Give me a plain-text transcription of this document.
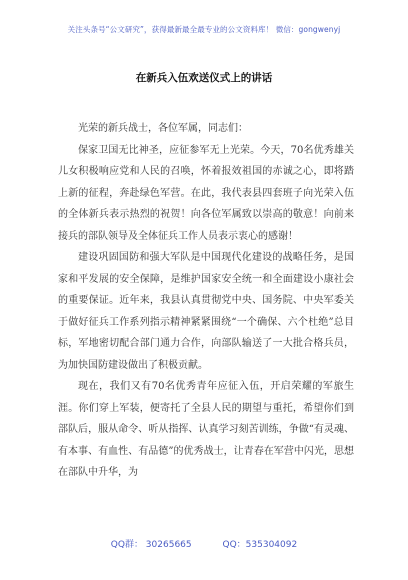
关注头条号“公文研究”，获得最新最全最专业的公文资料库！ 微信：gongwenyj
在新兵入伍欢送仪式上的讲话

光荣的新兵战士，各位军属，同志们：

保家卫国无比神圣，应征参军无上光荣。今天，70名优秀雄关儿女积极响应党和人民的召唤，怀着报效祖国的赤诚之心，即将踏上新的征程，奔赴绿色军营。在此，我代表县四套班子向光荣入伍的全体新兵表示热烈的祝贺！向各位军属致以崇高的敬意！向前来接兵的部队领导及全体征兵工作人员表示衷心的感谢！

建设巩固国防和强大军队是中国现代化建设的战略任务，是国家和平发展的安全保障，是维护国家安全统一和全面建设小康社会的重要保证。近年来，我县认真贯彻党中央、国务院、中央军委关于做好征兵工作系列指示精神紧紧围绕“一个确保、六个杜绝”总目标，军地密切配合部门通力合作，向部队输送了一大批合格兵员，为加快国防建设做出了积极贡献。

现在，我们又有70名优秀青年应征入伍，开启荣耀的军旅生涯。你们穿上军装，便寄托了全县人民的期望与重托，希望你们到部队后，服从命令、听从指挥、认真学习刻苦训练，争做“有灵魂、有本事、有血性、有品德”的优秀战士，让青春在军营中闪光，思想在部队中升华，为

QQ群： 30265665	QQ：535304092
